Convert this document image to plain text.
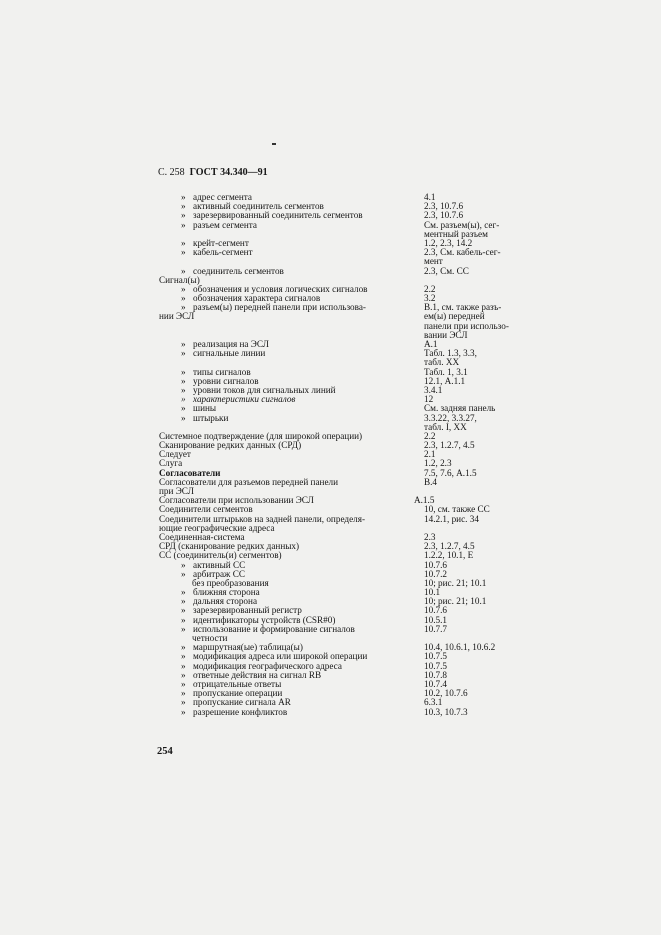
С. 258 ГОСТ 34.340—91
» адрес сегмента	4.1
» активный соединитель сегментов	2.3, 10.7.6
» зарезервированный соединитель сегментов	2.3, 10.7.6
» разъем сегмента	См. разъем(ы), сег-
ментный разъем
» крейт-сегмент	1.2, 2.3, 14.2
» кабель-сегмент	2.3, См. кабель-сег-
мент
» соединитель сегментов	2.3, См. СС
Сигнал(ы)
» обозначения и условия логических сигналов	2.2
» обозначения характера сигналов	3.2
» разъем(ы) передней панели при использова-	В.1, см. также разъ-
нии ЭСЛ	ем(ы) передней
панели при использо-
вании ЭСЛ
» реализация на ЭСЛ	А.1
» сигнальные линии	Табл. 1.3, 3.3,
табл. XX
» типы сигналов	Табл. 1, 3.1
» уровни сигналов	12.1, А.1.1
» уровни токов для сигнальных линий	3.4.1
» характеристики сигналов	12
» шины	См. задняя панель
» штырьки	3.3.22, 3.3.27,
табл. I, XX
Системное подтверждение (для широкой операции)	2.2
Сканирование редких данных (СРД)	2.3, 1.2.7, 4.5
Следует	2.1
Слуга	1.2, 2.3
Согласователи	7.5, 7.6, А.1.5
Согласователи для разъемов передней панели	В.4
при ЭСЛ
Согласователи при использовании ЭСЛ	А.1.5
Соединители сегментов	10, см. также СС
Соединители штырьков на задней панели, определя-	14.2.1, рис. 34
ющие географические адреса
Соединенная-система	2.3
СРД (сканирование редких данных)	2.3, 1.2.7, 4.5
СС (соединитель(и) сегментов)	1.2.2, 10.1, Е
» активный СС	10.7.6
» арбитраж СС	10.7.2
без преобразования	10; рис. 21; 10.1
» ближняя сторона	10.1
» дальняя сторона	10; рис. 21; 10.1
» зарезервированный регистр	10.7.6
» идентификаторы устройств (CSR#0)	10.5.1
» использование и формирование сигналов	10.7.7
четности
» маршрутная(ые) таблица(ы)	10.4, 10.6.1, 10.6.2
» модификация адреса или широкой операции	10.7.5
» модификация географического адреса	10.7.5
» ответные действия на сигнал RB	10.7.8
» отрицательные ответы	10.7.4
» пропускание операции	10.2, 10.7.6
» пропускание сигнала AR	6.3.1
» разрешение конфликтов	10.3, 10.7.3
254
